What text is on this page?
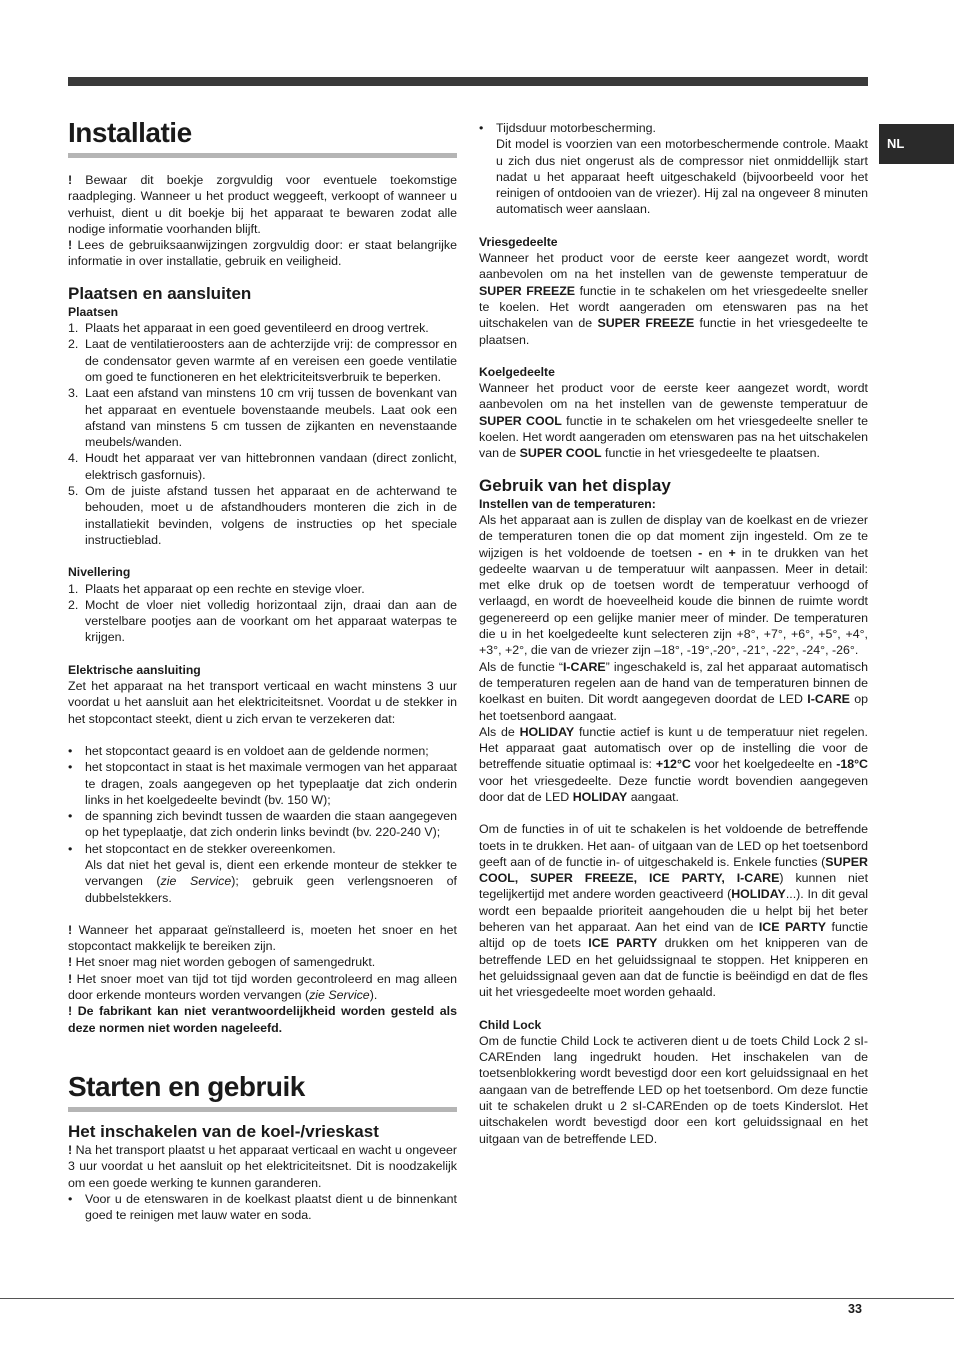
NL
Installatie

! Bewaar dit boekje zorgvuldig voor eventuele toekomstige raadpleging. Wanneer u het product weggeeft, verkoopt of wanneer u verhuist, dient u dit boekje bij het apparaat te bewaren zodat alle nodige informatie voorhanden blijft.

! Lees de gebruiksaanwijzingen zorgvuldig door: er staat belangrijke informatie in over installatie, gebruik en veiligheid.

Plaatsen en aansluiten
Plaatsen
1. Plaats het apparaat in een goed geventileerd en droog vertrek.
2. Laat de ventilatieroosters aan de achterzijde vrij: de compressor en de condensator geven warmte af en vereisen een goede ventilatie om goed te functioneren en het elektriciteitsverbruik te beperken.
3. Laat een afstand van minstens 10 cm vrij tussen de bovenkant van het apparaat en eventuele bovenstaande meubels. Laat ook een afstand van minstens 5 cm tussen de zijkanten en nevenstaande meubels/wanden.
4. Houdt het apparaat ver van hittebronnen vandaan (direct zonlicht, elektrisch gasfornuis).
5. Om de juiste afstand tussen het apparaat en de achterwand te behouden, moet u de afstandhouders monteren die zich in de installatiekit bevinden, volgens de instructies op het speciale instructieblad.
Nivellering
1. Plaats het apparaat op een rechte en stevige vloer.
2. Mocht de vloer niet volledig horizontaal zijn, draai dan aan de verstelbare pootjes aan de voorkant om het apparaat waterpas te krijgen.
Elektrische aansluiting

Zet het apparaat na het transport verticaal en wacht minstens 3 uur voordat u het aansluit aan het elektriciteitsnet. Voordat u de stekker in het stopcontact steekt, dient u zich ervan te verzekeren dat:

• het stopcontact geaard is en voldoet aan de geldende normen;
• het stopcontact in staat is het maximale vermogen van het apparaat te dragen, zoals aangegeven op het typeplaatje dat zich onderin links in het koelgedeelte bevindt (bv. 150 W);
• de spanning zich bevindt tussen de waarden die staan aangegeven op het typeplaatje, dat zich onderin links bevindt (bv. 220-240 V);
• het stopcontact en de stekker overeenkomen.
Als dat niet het geval is, dient een erkende monteur de stekker te vervangen (zie Service); gebruik geen verlengsnoeren of dubbelstekkers.

! Wanneer het apparaat geïnstalleerd is, moeten het snoer en het stopcontact makkelijk te bereiken zijn.

! Het snoer mag niet worden gebogen of samengedrukt.

! Het snoer moet van tijd tot tijd worden gecontroleerd en mag alleen door erkende monteurs worden vervangen (zie Service).

! De fabrikant kan niet verantwoordelijkheid worden gesteld als deze normen niet worden nageleefd.

Starten en gebruik
Het inschakelen van de koel-/vrieskast

! Na het transport plaatst u het apparaat verticaal en wacht u ongeveer 3 uur voordat u het aansluit op het elektriciteitsnet. Dit is noodzakelijk om een goede werking te kunnen garanderen.

• Voor u de etenswaren in de koelkast plaatst dient u de binnenkant goed te reinigen met lauw water en soda.
• Tijdsduur motorbescherming.
Dit model is voorzien van een motorbeschermende controle. Maakt u zich dus niet ongerust als de compressor niet onmiddellijk start nadat u het apparaat heeft uitgeschakeld (bijvoorbeeld voor het reinigen of ontdooien van de vriezer). Hij zal na ongeveer 8 minuten automatisch weer aanslaan.
Vriesgedeelte

Wanneer het product voor de eerste keer aangezet wordt, wordt aanbevolen om na het instellen van de gewenste temperatuur de SUPER FREEZE functie in te schakelen om het vriesgedeelte sneller te koelen. Het wordt aangeraden om etenswaren pas na het uitschakelen van de SUPER FREEZE functie in het vriesgedeelte te plaatsen.

Koelgedeelte

Wanneer het product voor de eerste keer aangezet wordt, wordt aanbevolen om na het instellen van de gewenste temperatuur de SUPER COOL functie in te schakelen om het vriesgedeelte sneller te koelen. Het wordt aangeraden om etenswaren pas na het uitschakelen van de SUPER COOL functie in het vriesgedeelte te plaatsen.

Gebruik van het display
Instellen van de temperaturen:

Als het apparaat aan is zullen de display van de koelkast en de vriezer de temperaturen tonen die op dat moment zijn ingesteld. Om ze te wijzigen is het voldoende de toetsen - en + in te drukken van het gedeelte waarvan u de temperatuur wilt aanpassen. Meer in detail: met elke druk op de toetsen wordt de temperatuur verhoogd of verlaagd, en wordt de hoeveelheid koude die binnen de ruimte wordt gegenereerd op een gelijke manier meer of minder. De temperaturen die u in het koelgedeelte kunt selecteren zijn +8°, +7°, +6°, +5°, +4°, +3°, +2°, die van de vriezer zijn –18°, -19°,-20°, -21°, -22°, -24°, -26°.

Als de functie “I-CARE” ingeschakeld is, zal het apparaat automatisch de temperaturen regelen aan de hand van de temperaturen binnen de koelkast en buiten. Dit wordt aangegeven doordat de LED I-CARE op het toetsenbord aangaat.

Als de HOLIDAY functie actief is kunt u de temperatuur niet regelen. Het apparaat gaat automatisch over op de instelling die voor de betreffende situatie optimaal is: +12°C voor het koelgedeelte en -18°C voor het vriesgedeelte. Deze functie wordt bovendien aangegeven door dat de LED HOLIDAY aangaat.

Om de functies in of uit te schakelen is het voldoende de betreffende toets in te drukken. Het aan- of uitgaan van de LED op het toetsenbord geeft aan of de functie in- of uitgeschakeld is. Enkele functies (SUPER COOL, SUPER FREEZE, ICE PARTY, I-CARE) kunnen niet tegelijkertijd met andere worden geactiveerd (HOLIDAY...). In dit geval wordt een bepaalde prioriteit aangehouden die u helpt bij het beter beheren van het apparaat. Aan het eind van de ICE PARTY functie altijd op de toets ICE PARTY drukken om het knipperen van de betreffende LED en het geluidssignaal te stoppen. Het knipperen en het geluidssignaal geven aan dat de functie is beëindigd en dat de fles uit het vriesgedeelte moet worden gehaald.

Child Lock

Om de functie Child Lock te activeren dient u de toets Child Lock 2 sI-CAREnden lang ingedrukt houden. Het inschakelen van de toetsenblokkering wordt bevestigd door een kort geluidssignaal en het aangaan van de betreffende LED op het toetsenbord. Om deze functie uit te schakelen drukt u 2 sI-CAREnden op de toets Kinderslot. Het uitschakelen wordt bevestigd door een kort geluidssignaal en het uitgaan van de betreffende LED.

33
